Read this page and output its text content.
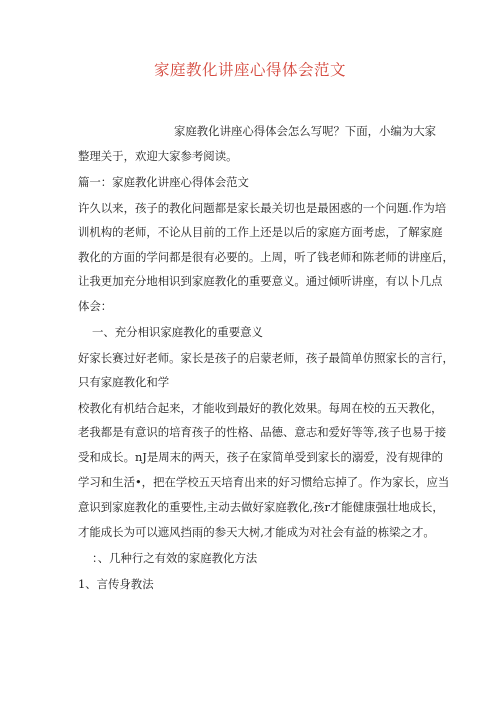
家庭教化讲座心得体会范文
家庭教化讲座心得体会怎么写呢？下面，小编为大家
整理关于，欢迎大家参考阅读。
篇一：家庭教化讲座心得体会范文
许久以来，孩子的教化问题都是家长最关切也是最困惑的一个问题.作为培
训机构的老师，不论从目前的工作上还是以后的家庭方面考虑，了解家庭
教化的方面的学问都是很有必要的。上周，听了钱老师和陈老师的讲座后，
让我更加充分地相识到家庭教化的重要意义。通过倾听讲座，有以卜几点
体会：
一、充分相识家庭教化的重要意义
好家长赛过好老师。家长是孩子的启蒙老师，孩子最简单仿照家长的言行，
只有家庭教化和学
校教化有机结合起来，才能收到最好的教化效果。每周在校的五天教化，
老我都是有意识的培育孩子的性格、品德、意志和爱好等等,孩子也易于接
受和成长。nJ是周末的两天，孩子在家简单受到家长的溺爱，没有规律的
学习和生活•，把在学校五天培育出来的好习惯给忘掉了。作为家长，应当
意识到家庭教化的重要性,主动去做好家庭教化,孩r才能健康强壮地成长，
才能成长为可以遮风挡雨的参天大树,才能成为对社会有益的栋梁之才。
：、几种行之有效的家庭教化方法
1、言传身教法
